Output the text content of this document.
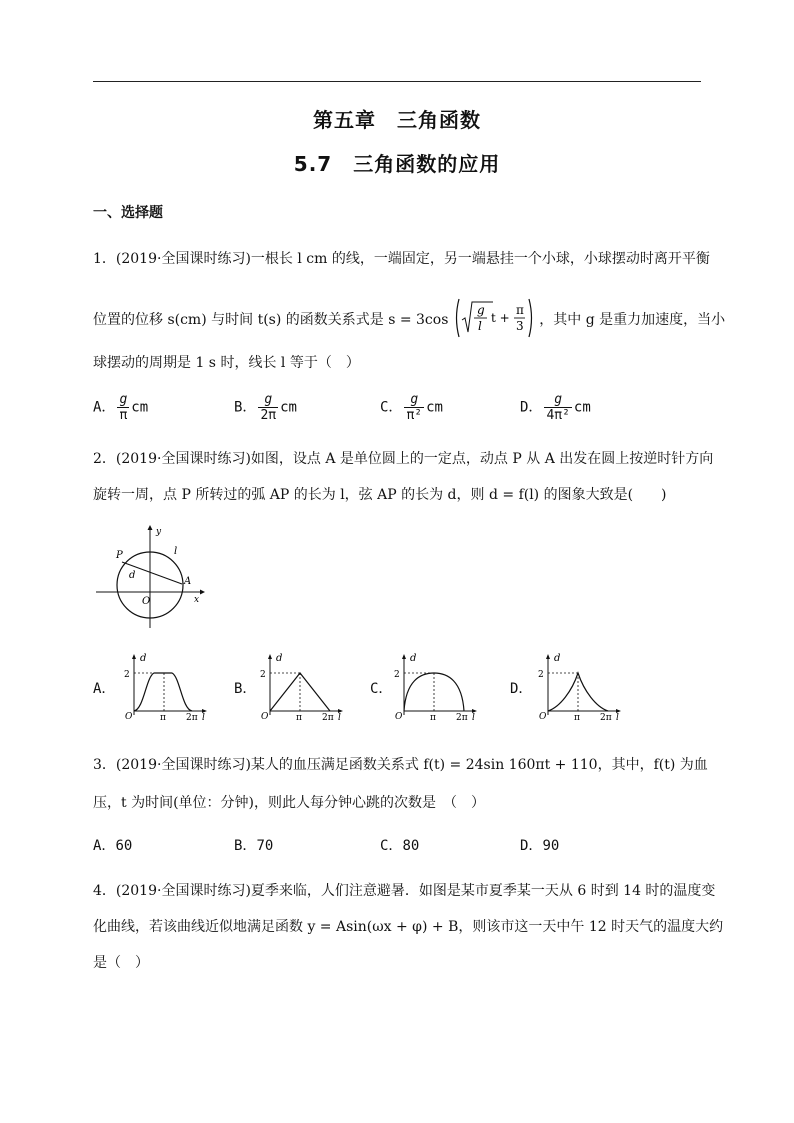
第五章　三角函数
5.7　三角函数的应用
一、选择题
1．(2019·全国课时练习)一根长 l cm 的线，一端固定，另一端悬挂一个小球，小球摆动时离开平衡
位置的位移 s(cm) 与时间 t(s) 的函数关系式是 s = 3cos
g
l
t +
π
3 ，其中 g 是重力加速度，当小
球摆动的周期是 1 s 时，线长 l 等于（　）
A． $\frac{g}{\pi}$ cm	B． $\frac{g}{2\pi}$ cm	C． $\frac{g}{\text{π²}}$ cm	D． $\frac{g}{\text{4π²}}$ cm
2．(2019·全国课时练习)如图，设点 A 是单位圆上的一定点，动点 P 从 A 出发在圆上按逆时针方向
旋转一周，点 P 所转过的弧 AP 的长为 l，弦 AP 的长为 d，则 d = f(l) 的图象大致是(　　)
y
x
P
A
O
l
d
A．
d
2
O	π 2π l
B．
d
2
O	π 2π l
C．
d
2
O	π 2π l
D．
d
2
O	π 2π l
3．(2019·全国课时练习)某人的血压满足函数关系式 f(t) = 24sin 160πt + 110，其中，f(t) 为血
压，t 为时间(单位：分钟)，则此人每分钟心跳的次数是　（　）
A．60	B．70	C．80	D．90
4．(2019·全国课时练习)夏季来临，人们注意避暑．如图是某市夏季某一天从 6 时到 14 时的温度变
化曲线，若该曲线近似地满足函数 y = Asin(ωx + φ) + B，则该市这一天中午 12 时天气的温度大约
是（　）
